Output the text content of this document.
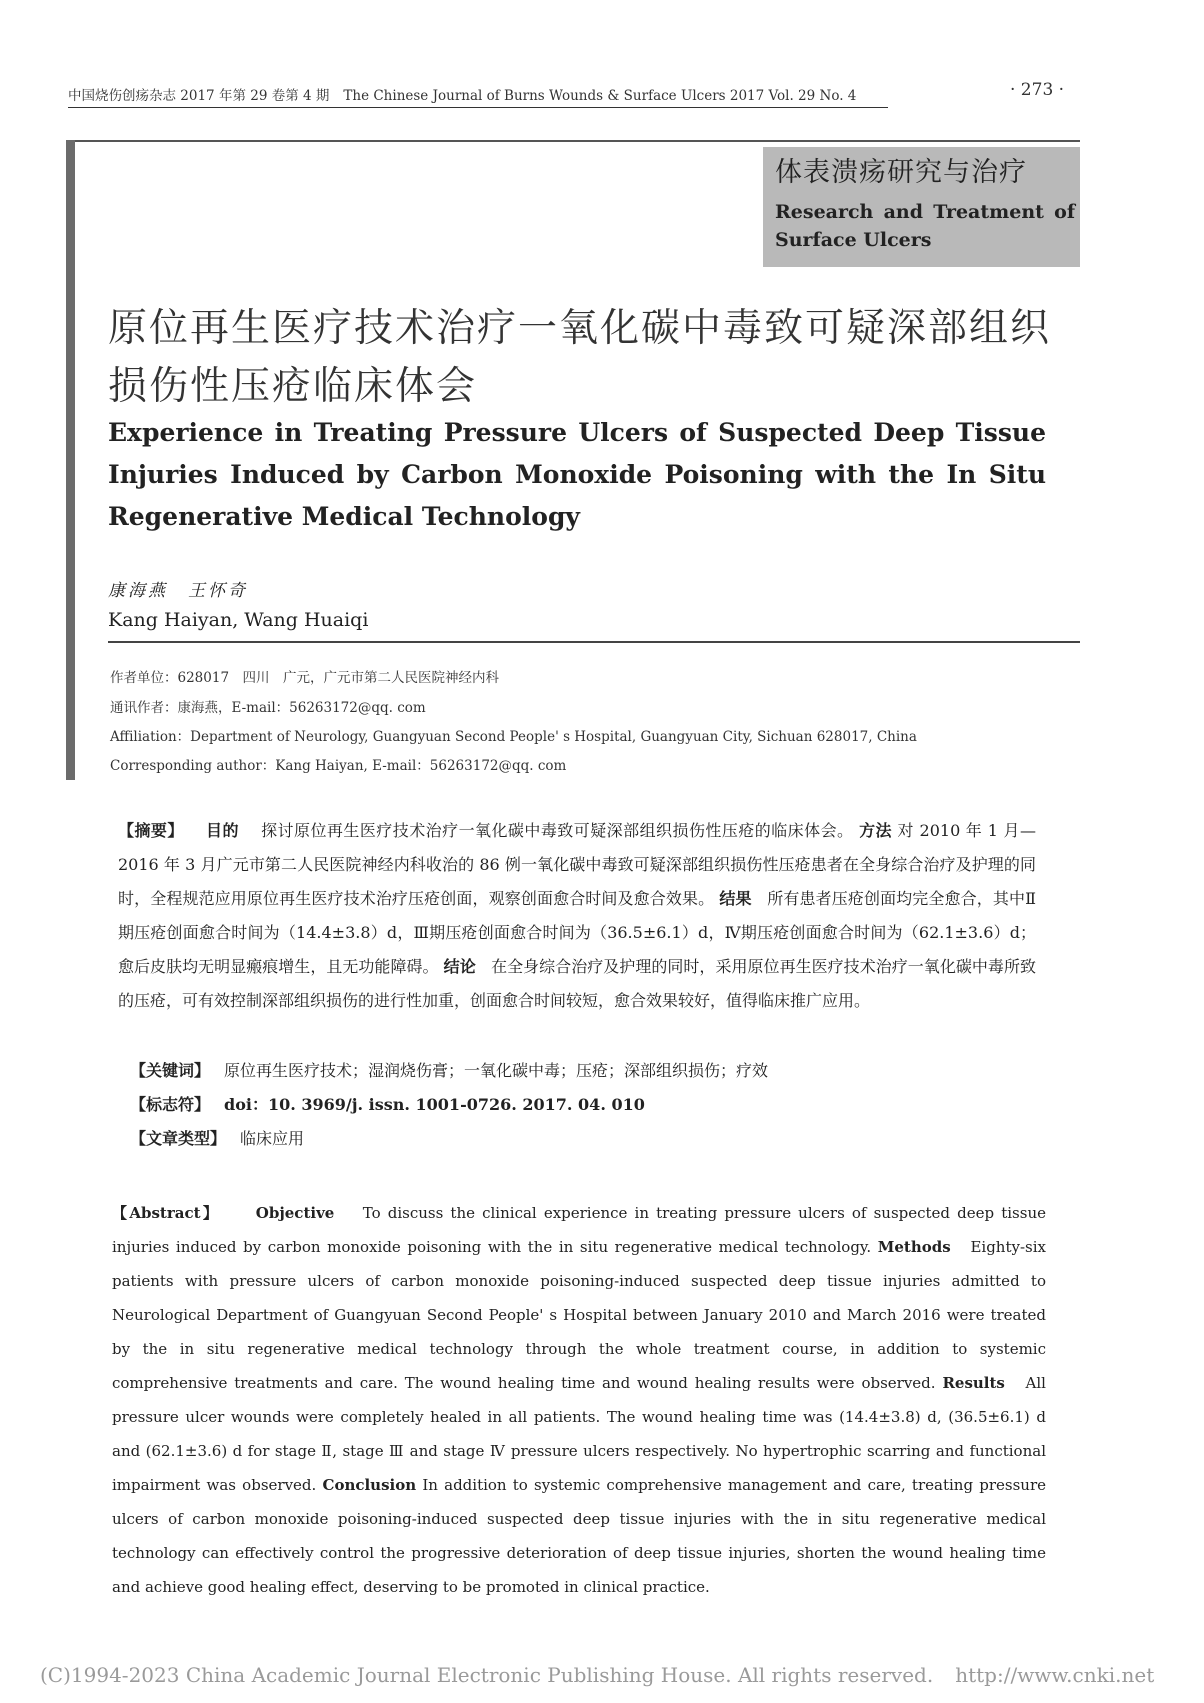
中国烧伤创疡杂志 2017 年第 29 卷第 4 期 The Chinese Journal of Burns Wounds & Surface Ulcers 2017 Vol. 29 No. 4	· 273 ·
体表溃疡研究与治疗
Research and Treatment of
Surface Ulcers
原位再生医疗技术治疗一氧化碳中毒致可疑深部组织损伤性压疮临床体会
Experience in Treating Pressure Ulcers of Suspected Deep Tissue Injuries Induced by Carbon Monoxide Poisoning with the In Situ Regenerative Medical Technology
康海燕　王怀奇
Kang Haiyan, Wang Huaiqi
作者单位：628017　四川　广元，广元市第二人民医院神经内科
通讯作者：康海燕，E-mail：56263172@qq. com
Affiliation：Department of Neurology, Guangyuan Second People' s Hospital, Guangyuan City, Sichuan 628017, China
Corresponding author：Kang Haiyan, E-mail：56263172@qq. com
【摘要】 目的 探讨原位再生医疗技术治疗一氧化碳中毒致可疑深部组织损伤性压疮的临床体会。 方法 对 2010 年 1 月—2016 年 3 月广元市第二人民医院神经内科收治的 86 例一氧化碳中毒致可疑深部组织损伤性压疮患者在全身综合治疗及护理的同时，全程规范应用原位再生医疗技术治疗压疮创面，观察创面愈合时间及愈合效果。 结果 所有患者压疮创面均完全愈合，其中Ⅱ期压疮创面愈合时间为（14.4±3.8）d，Ⅲ期压疮创面愈合时间为（36.5±6.1）d，Ⅳ期压疮创面愈合时间为（62.1±3.6）d；愈后皮肤均无明显瘢痕增生，且无功能障碍。 结论 在全身综合治疗及护理的同时，采用原位再生医疗技术治疗一氧化碳中毒所致的压疮，可有效控制深部组织损伤的进行性加重，创面愈合时间较短，愈合效果较好，值得临床推广应用。
【关键词】 原位再生医疗技术；湿润烧伤膏；一氧化碳中毒；压疮；深部组织损伤；疗效
【标志符】 doi：10. 3969/j. issn. 1001-0726. 2017. 04. 010
【文章类型】 临床应用
【Abstract】 Objective To discuss the clinical experience in treating pressure ulcers of suspected deep tissue injuries induced by carbon monoxide poisoning with the in situ regenerative medical technology. Methods Eighty-six patients with pressure ulcers of carbon monoxide poisoning-induced suspected deep tissue injuries admitted to Neurological Department of Guangyuan Second People' s Hospital between January 2010 and March 2016 were treated by the in situ regenerative medical technology through the whole treatment course, in addition to systemic comprehensive treatments and care. The wound healing time and wound healing results were observed. Results All pressure ulcer wounds were completely healed in all patients. The wound healing time was (14.4±3.8) d, (36.5±6.1) d and (62.1±3.6) d for stage Ⅱ, stage Ⅲ and stage Ⅳ pressure ulcers respectively. No hypertrophic scarring and functional impairment was observed. Conclusion In addition to systemic comprehensive management and care, treating pressure ulcers of carbon monoxide poisoning-induced suspected deep tissue injuries with the in situ regenerative medical technology can effectively control the progressive deterioration of deep tissue injuries, shorten the wound healing time and achieve good healing effect, deserving to be promoted in clinical practice.
(C)1994-2023 China Academic Journal Electronic Publishing House. All rights reserved. http://www.cnki.net
